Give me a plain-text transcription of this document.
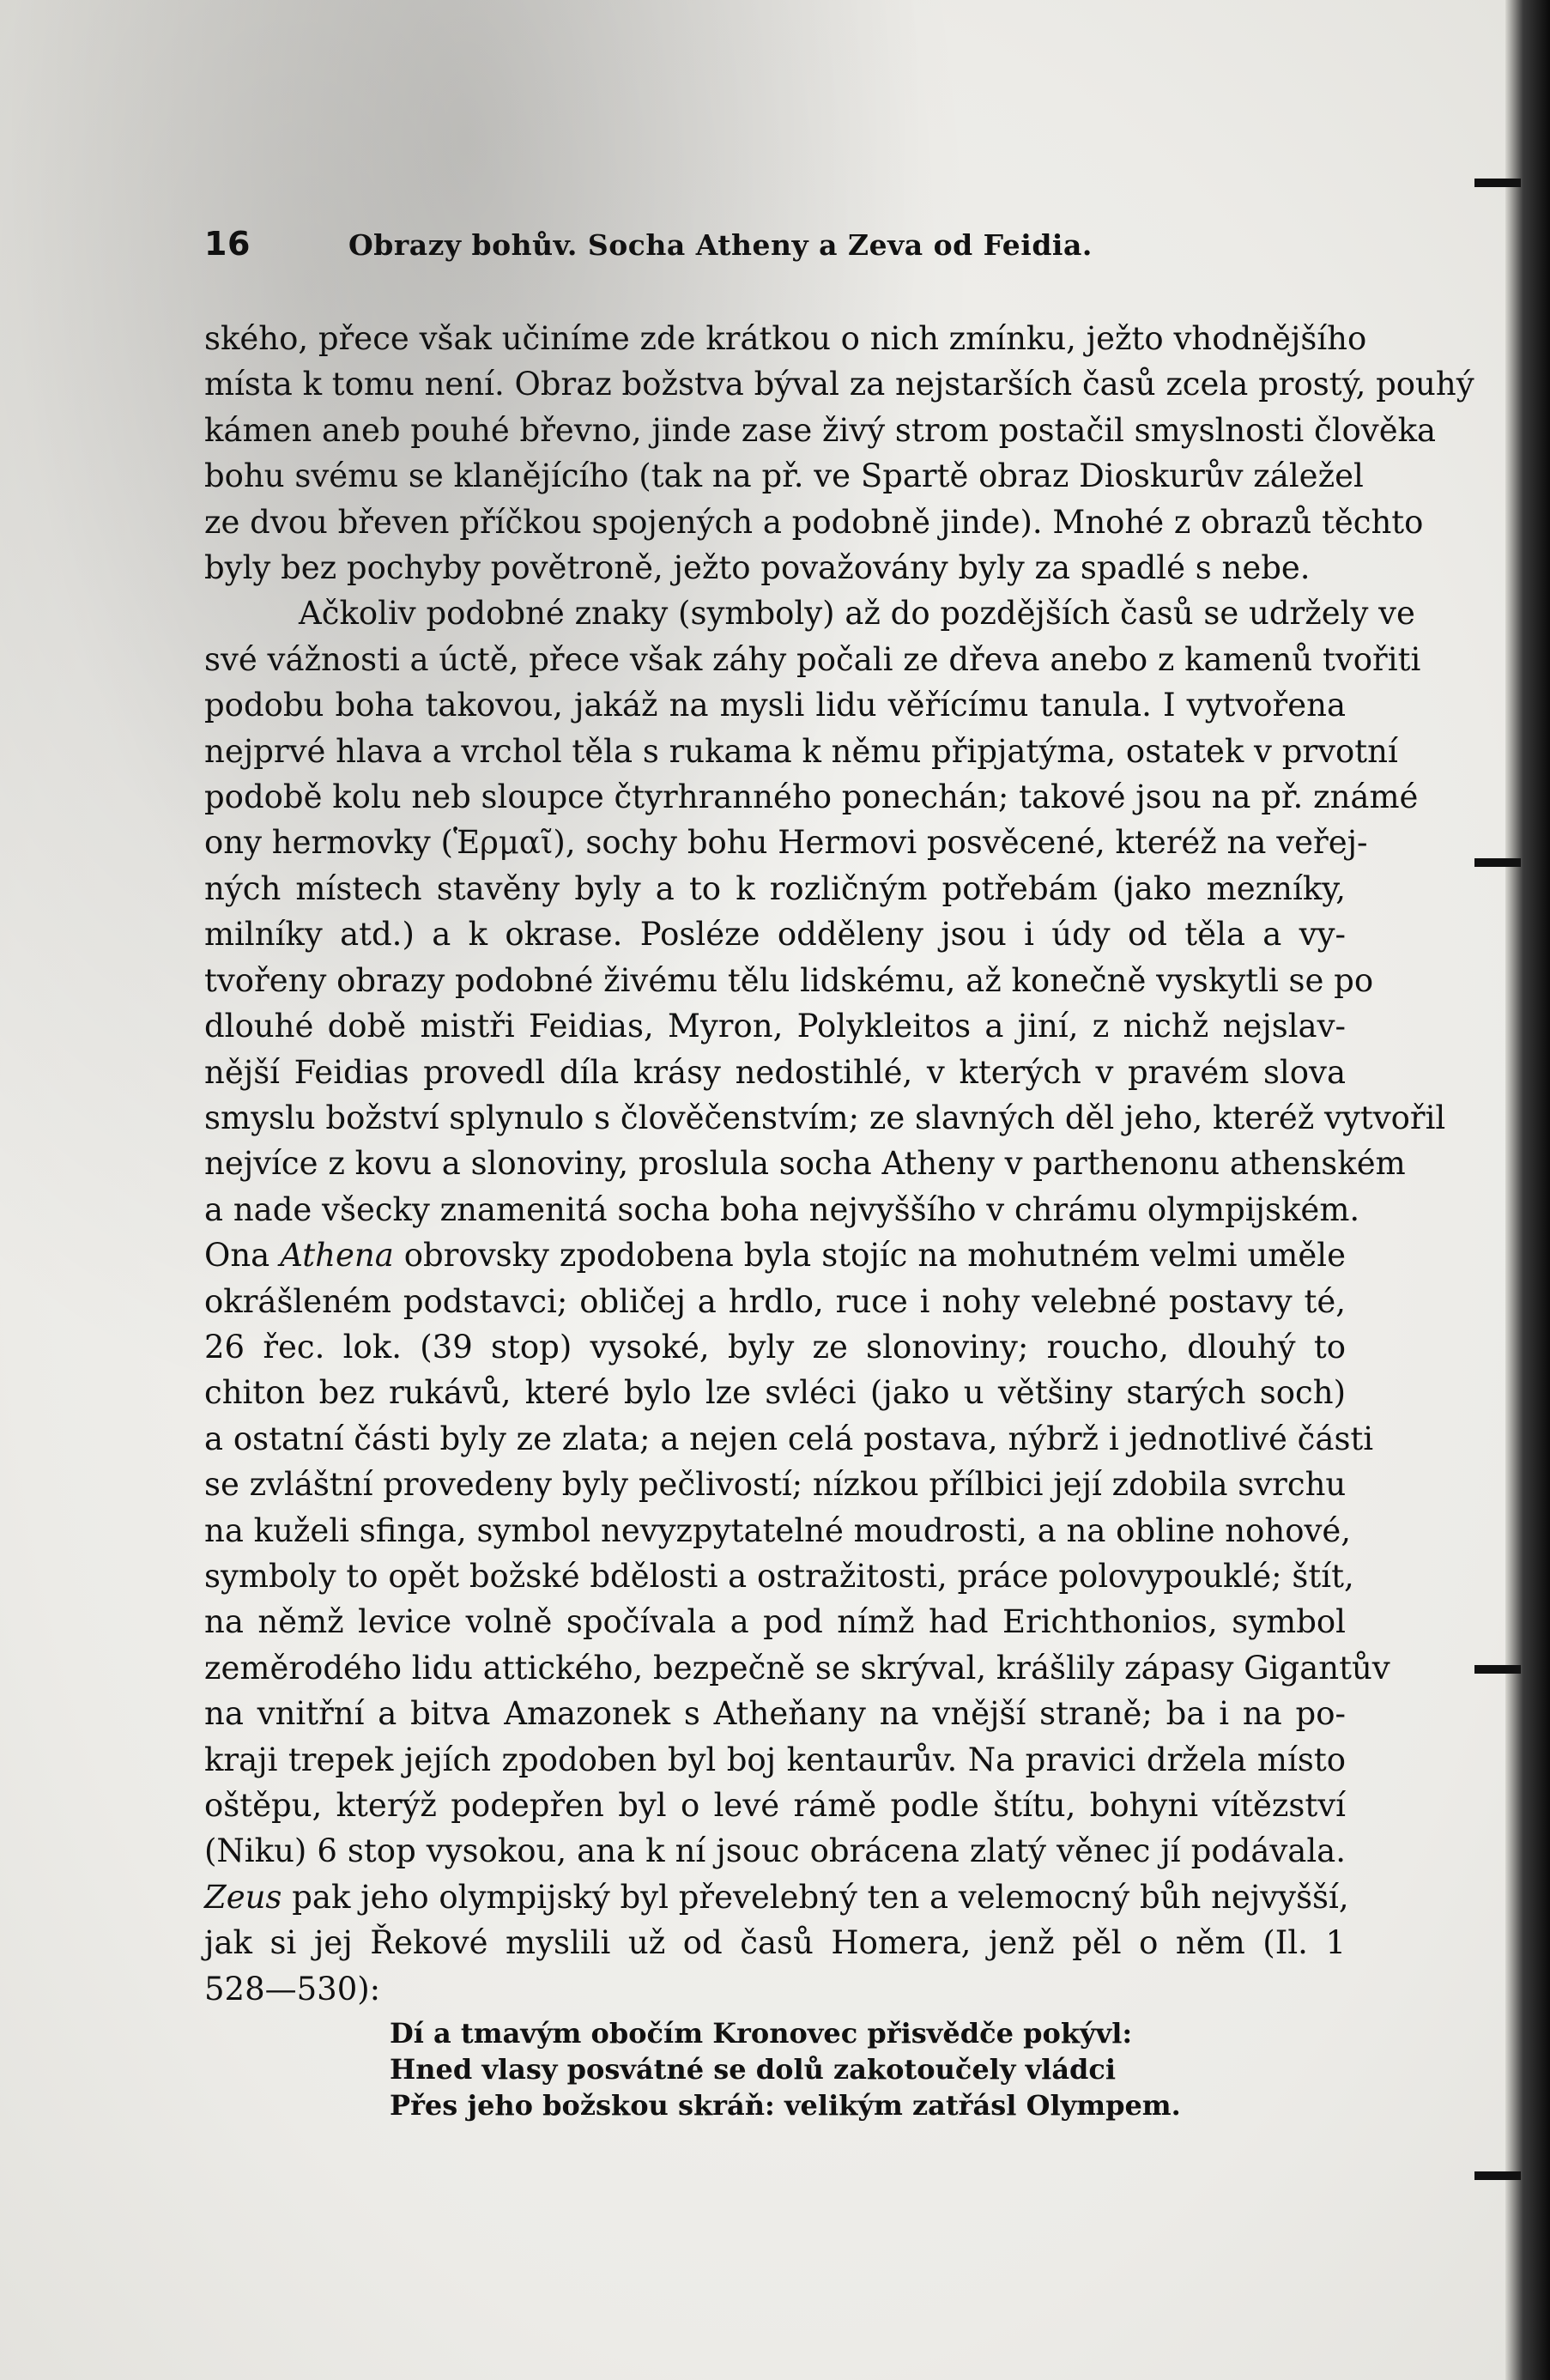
16	Obrazy bohův. Socha Atheny a Zeva od Feidia.
ského, přece však učiníme zde krátkou o nich zmínku, ježto vhodnějšího
místa k tomu není. Obraz božstva býval za nejstarších časů zcela prostý, pouhý
kámen aneb pouhé břevno, jinde zase živý strom postačil smyslnosti člověka
bohu svému se klanějícího (tak na př. ve Spartě obraz Dioskurův záležel
ze dvou břeven příčkou spojených a podobně jinde). Mnohé z obrazů těchto
byly bez pochyby povětroně, ježto považovány byly za spadlé s nebe.
Ačkoliv podobné znaky (symboly) až do pozdějších časů se udržely ve
své vážnosti a úctě, přece však záhy počali ze dřeva anebo z kamenů tvořiti
podobu boha takovou, jakáž na mysli lidu věřícímu tanula. I vytvořena
nejprvé hlava a vrchol těla s rukama k němu připjatýma, ostatek v prvotní
podobě kolu neb sloupce čtyrhranného ponechán; takové jsou na př. známé
ony hermovky (Ἑρμαῖ), sochy bohu Hermovi posvěcené, kteréž na veřej-
ných místech stavěny byly a to k rozličným potřebám (jako mezníky,
milníky atd.) a k okrase. Posléze odděleny jsou i údy od těla a vy-
tvořeny obrazy podobné živému tělu lidskému, až konečně vyskytli se po
dlouhé době mistři Feidias, Myron, Polykleitos a jiní, z nichž nejslav-
nější Feidias provedl díla krásy nedostihlé, v kterých v pravém slova
smyslu božství splynulo s člověčenstvím; ze slavných děl jeho, kteréž vytvořil
nejvíce z kovu a slonoviny, proslula socha Atheny v parthenonu athenském
a nade všecky znamenitá socha boha nejvyššího v chrámu olympijském.
Ona Athena obrovsky zpodobena byla stojíc na mohutném velmi uměle
okrášleném podstavci; obličej a hrdlo, ruce i nohy velebné postavy té,
26 řec. lok. (39 stop) vysoké, byly ze slonoviny; roucho, dlouhý to
chiton bez rukávů, které bylo lze svléci (jako u většiny starých soch)
a ostatní části byly ze zlata; a nejen celá postava, nýbrž i jednotlivé části
se zvláštní provedeny byly pečlivostí; nízkou přílbici její zdobila svrchu
na kuželi sfinga, symbol nevyzpytatelné moudrosti, a na obline nohové,
symboly to opět božské bdělosti a ostražitosti, práce polovypouklé; štít,
na němž levice volně spočívala a pod nímž had Erichthonios, symbol
zeměrodého lidu attického, bezpečně se skrýval, krášlily zápasy Gigantův
na vnitřní a bitva Amazonek s Atheňany na vnější straně; ba i na po-
kraji trepek jejích zpodoben byl boj kentaurův. Na pravici držela místo
oštěpu, kterýž podepřen byl o levé rámě podle štítu, bohyni vítězství
(Niku) 6 stop vysokou, ana k ní jsouc obrácena zlatý věnec jí podávala.
Zeus pak jeho olympijský byl převelebný ten a velemocný bůh nejvyšší,
jak si jej Řekové myslili už od časů Homera, jenž pěl o něm (Il. 1
528—530):
Dí a tmavým obočím Kronovec přisvědče pokývl:
Hned vlasy posvátné se dolů zakotoučely vládci
Přes jeho božskou skráň: velikým zatřásl Olympem.
